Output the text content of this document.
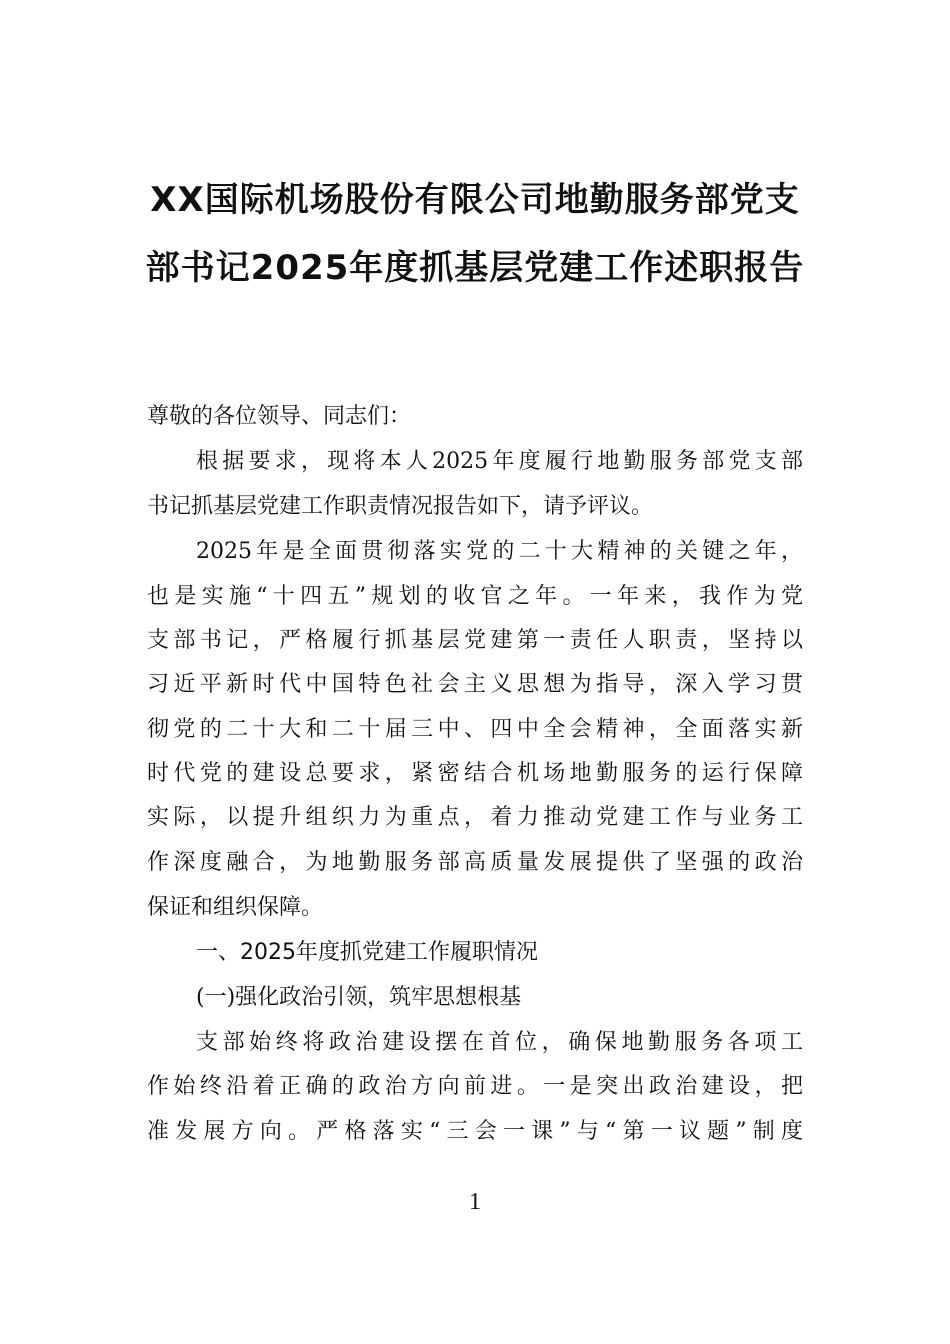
XX国际机场股份有限公司地勤服务部党支
部书记2025年度抓基层党建工作述职报告
尊敬的各位领导、同志们：
根据要求，现将本人2025年度履行地勤服务部党支部
书记抓基层党建工作职责情况报告如下，请予评议。
2025年是全面贯彻落实党的二十大精神的关键之年，
也是实施“十四五”规划的收官之年。一年来，我作为党
支部书记，严格履行抓基层党建第一责任人职责，坚持以
习近平新时代中国特色社会主义思想为指导，深入学习贯
彻党的二十大和二十届三中、四中全会精神，全面落实新
时代党的建设总要求，紧密结合机场地勤服务的运行保障
实际，以提升组织力为重点，着力推动党建工作与业务工
作深度融合，为地勤服务部高质量发展提供了坚强的政治
保证和组织保障。
一、2025年度抓党建工作履职情况
(一)强化政治引领，筑牢思想根基
支部始终将政治建设摆在首位，确保地勤服务各项工
作始终沿着正确的政治方向前进。一是突出政治建设，把
准发展方向。严格落实“三会一课”与“第一议题”制度
1
